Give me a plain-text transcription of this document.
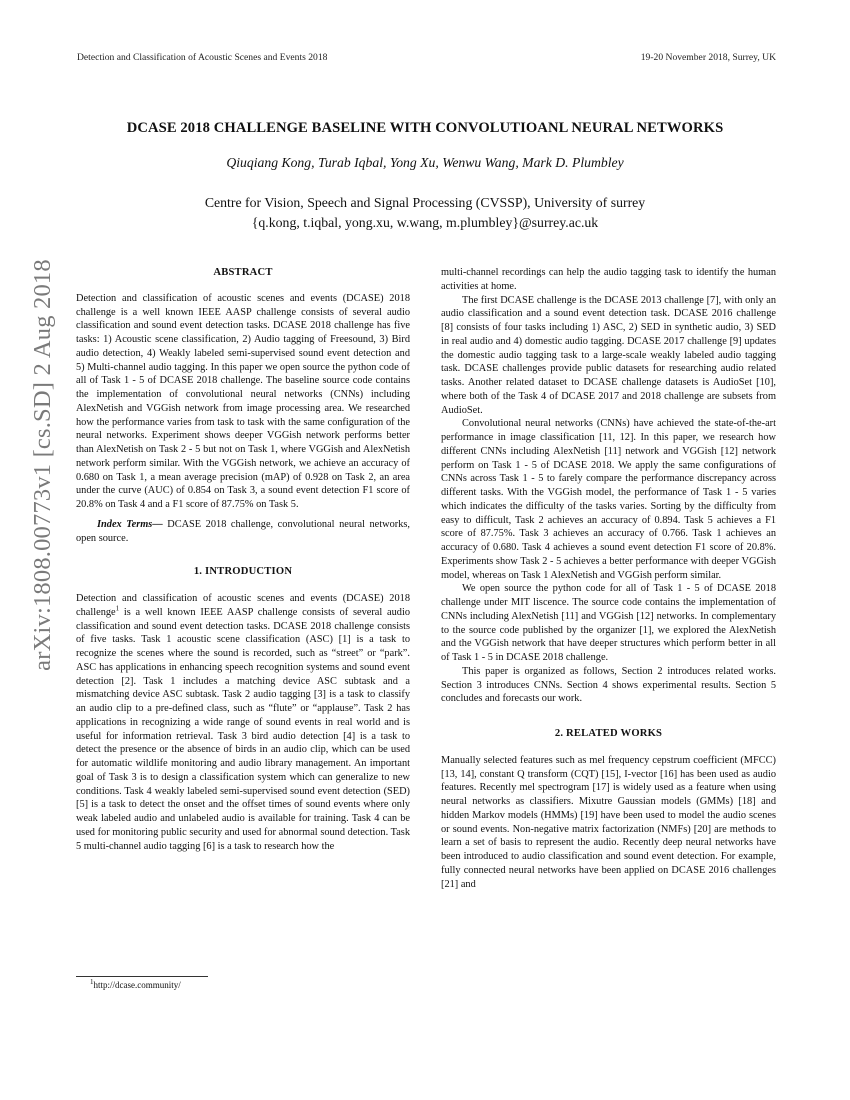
Detection and Classification of Acoustic Scenes and Events 2018	19-20 November 2018, Surrey, UK
arXiv:1808.00773v1 [cs.SD] 2 Aug 2018
DCASE 2018 CHALLENGE BASELINE WITH CONVOLUTIOANL NEURAL NETWORKS
Qiuqiang Kong, Turab Iqbal, Yong Xu, Wenwu Wang, Mark D. Plumbley
Centre for Vision, Speech and Signal Processing (CVSSP), University of surrey
{q.kong, t.iqbal, yong.xu, w.wang, m.plumbley}@surrey.ac.uk
ABSTRACT

Detection and classification of acoustic scenes and events (DCASE) 2018 challenge is a well known IEEE AASP challenge consists of several audio classification and sound event detection tasks. DCASE 2018 challenge has five tasks: 1) Acoustic scene classification, 2) Audio tagging of Freesound, 3) Bird audio detection, 4) Weakly labeled semi-supervised sound event detection and 5) Multi-channel audio tagging. In this paper we open source the python code of all of Task 1 - 5 of DCASE 2018 challenge. The baseline source code contains the implementation of convolutional neural networks (CNNs) including AlexNetish and VGGish network from image processing area. We researched how the performance varies from task to task with the same configuration of the neural networks. Experiment shows deeper VGGish network performs better than AlexNetish on Task 2 - 5 but not on Task 1, where VGGish and AlexNetish network perform similar. With the VGGish network, we achieve an accuracy of 0.680 on Task 1, a mean average precision (mAP) of 0.928 on Task 2, an area under the curve (AUC) of 0.854 on Task 3, a sound event detection F1 score of 20.8% on Task 4 and a F1 score of 87.75% on Task 5.

Index Terms— DCASE 2018 challenge, convolutional neural networks, open source.

1. INTRODUCTION

Detection and classification of acoustic scenes and events (DCASE) 2018 challenge$^1$ is a well known IEEE AASP challenge consists of several audio classification and sound event detection tasks. DCASE 2018 challenge consists of five tasks. Task 1 acoustic scene classification (ASC) [1] is a task to recognize the scenes where the sound is recorded, such as “street” or “park”. ASC has applications in enhancing speech recognition systems and sound event detection [2]. Task 1 includes a matching device ASC subtask and a mismatching device ASC subtask. Task 2 audio tagging [3] is a task to classify an audio clip to a pre-defined class, such as “flute” or “applause”. Task 2 has applications in recognizing a wide range of sound events in real world and is useful for information retrieval. Task 3 bird audio detection [4] is a task to detect the presence or the absence of birds in an audio clip, which can be used for automatic wildlife monitoring and audio library management. An important goal of Task 3 is to design a classification system which can generalize to new conditions. Task 4 weakly labeled semi-supervised sound event detection (SED) [5] is a task to detect the onset and the offset times of sound events where only weak labeled audio and unlabeled audio is available for training. Task 4 can be used for monitoring public security and used for abnormal sound detection. Task 5 multi-channel audio tagging [6] is a task to research how the

$^1$http://dcase.community/

multi-channel recordings can help the audio tagging task to identify the human activities at home.

The first DCASE challenge is the DCASE 2013 challenge [7], with only an audio classification and a sound event detection task. DCASE 2016 challenge [8] consists of four tasks including 1) ASC, 2) SED in synthetic audio, 3) SED in real audio and 4) domestic audio tagging. DCASE 2017 challenge [9] updates the domestic audio tagging task to a large-scale weakly labeled audio tagging task. DCASE challenges provide public datasets for researching audio related tasks. Another related dataset to DCASE challenge datasets is AudioSet [10], where both of the Task 4 of DCASE 2017 and 2018 challenge are subsets from AudioSet.

Convolutional neural networks (CNNs) have achieved the state-of-the-art performance in image classification [11, 12]. In this paper, we research how different CNNs including AlexNetish [11] network and VGGish [12] network perform on Task 1 - 5 of DCASE 2018. We apply the same configurations of CNNs across Task 1 - 5 to farely compare the performance discrepancy across different tasks. With the VGGish model, the performance of Task 1 - 5 varies which indicates the difficulty of the tasks varies. Sorting by the difficulty from easy to difficult, Task 2 achieves an accuracy of 0.894. Task 5 achieves a F1 score of 87.75%. Task 3 achieves an accuracy of 0.766. Task 1 achieves an accuracy of 0.680. Task 4 achieves a sound event detection F1 score of 20.8%. Experiments show Task 2 - 5 achieves a better performance with deeper VGGish model, whereas on Task 1 AlexNetish and VGGish perform similar.

We open source the python code for all of Task 1 - 5 of DCASE 2018 challenge under MIT liscence. The source code contains the implementation of CNNs including AlexNetish [11] and VGGish [12] networks. In complementary to the source code published by the organizer [1], we explored the AlexNetish and the VGGish network that have deeper structures which perform better in all of Task 1 - 5 in DCASE 2018 challenge.

This paper is organized as follows, Section 2 introduces related works. Section 3 introduces CNNs. Section 4 shows experimental results. Section 5 concludes and forecasts our work.

2. RELATED WORKS

Manually selected features such as mel frequency cepstrum coefficient (MFCC) [13, 14], constant Q transform (CQT) [15], I-vector [16] has been used as audio features. Recently mel spectrogram [17] is widely used as a feature when using neural networks as classifiers. Mixutre Gaussian models (GMMs) [18] and hidden Markov models (HMMs) [19] have been used to model the audio scenes or sound events. Non-negative matrix factorization (NMFs) [20] are methods to learn a set of basis to represent the audio. Recently deep neural networks have been introduced to audio classification and sound event detection. For example, fully connected neural networks have been applied on DCASE 2016 challenges [21] and
